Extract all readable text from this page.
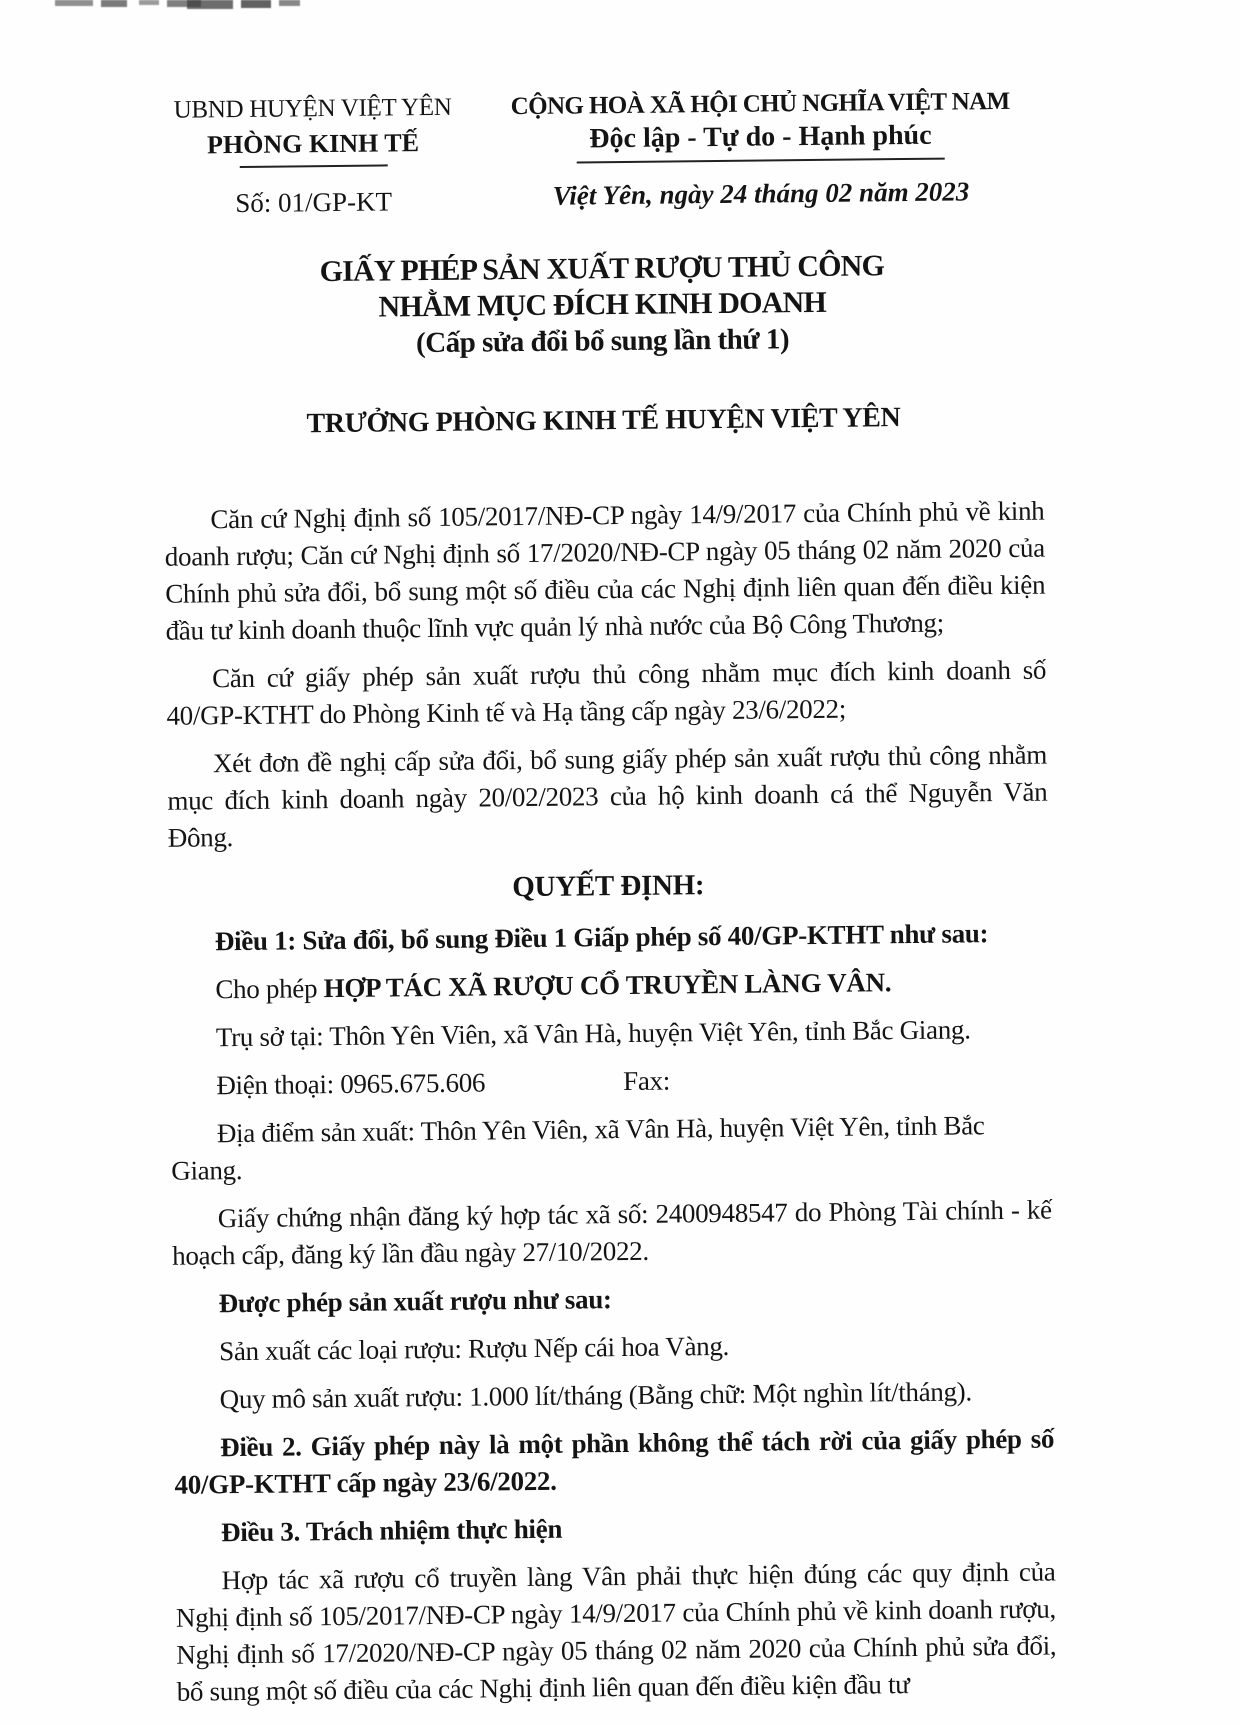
UBND HUYỆN VIỆT YÊN
PHÒNG KINH TẾ
Số: 01/GP-KT
CỘNG HOÀ XÃ HỘI CHỦ NGHĨA VIỆT NAM
Độc lập - Tự do - Hạnh phúc
Việt Yên, ngày 24 tháng 02 năm 2023
GIẤY PHÉP SẢN XUẤT RƯỢU THỦ CÔNG
NHẰM MỤC ĐÍCH KINH DOANH
(Cấp sửa đổi bổ sung lần thứ 1)
TRƯỞNG PHÒNG KINH TẾ HUYỆN VIỆT YÊN

Căn cứ Nghị định số 105/2017/NĐ-CP ngày 14/9/2017 của Chính phủ về kinh doanh rượu; Căn cứ Nghị định số 17/2020/NĐ-CP ngày 05 tháng 02 năm 2020 của Chính phủ sửa đổi, bổ sung một số điều của các Nghị định liên quan đến điều kiện đầu tư kinh doanh thuộc lĩnh vực quản lý nhà nước của Bộ Công Thương;

Căn cứ giấy phép sản xuất rượu thủ công nhằm mục đích kinh doanh số 40/GP-KTHT do Phòng Kinh tế và Hạ tầng cấp ngày 23/6/2022;

Xét đơn đề nghị cấp sửa đổi, bổ sung giấy phép sản xuất rượu thủ công nhằm mục đích kinh doanh ngày 20/02/2023 của hộ kinh doanh cá thể Nguyễn Văn Đông.

QUYẾT ĐỊNH:

Điều 1: Sửa đổi, bổ sung Điều 1 Giấp phép số 40/GP-KTHT như sau:

Cho phép HỢP TÁC XÃ RƯỢU CỔ TRUYỀN LÀNG VÂN.

Trụ sở tại: Thôn Yên Viên, xã Vân Hà, huyện Việt Yên, tỉnh Bắc Giang.

Điện thoại: 0965.675.606	Fax:

Địa điểm sản xuất: Thôn Yên Viên, xã Vân Hà, huyện Việt Yên, tỉnh Bắc Giang.

Giấy chứng nhận đăng ký hợp tác xã số: 2400948547 do Phòng Tài chính - kế hoạch cấp, đăng ký lần đầu ngày 27/10/2022.

Được phép sản xuất rượu như sau:

Sản xuất các loại rượu: Rượu Nếp cái hoa Vàng.

Quy mô sản xuất rượu: 1.000 lít/tháng (Bằng chữ: Một nghìn lít/tháng).

Điều 2. Giấy phép này là một phần không thể tách rời của giấy phép số 40/GP-KTHT cấp ngày 23/6/2022.

Điều 3. Trách nhiệm thực hiện

Hợp tác xã rượu cổ truyền làng Vân phải thực hiện đúng các quy định của Nghị định số 105/2017/NĐ-CP ngày 14/9/2017 của Chính phủ về kinh doanh rượu, Nghị định số 17/2020/NĐ-CP ngày 05 tháng 02 năm 2020 của Chính phủ sửa đổi, bổ sung một số điều của các Nghị định liên quan đến điều kiện đầu tư
